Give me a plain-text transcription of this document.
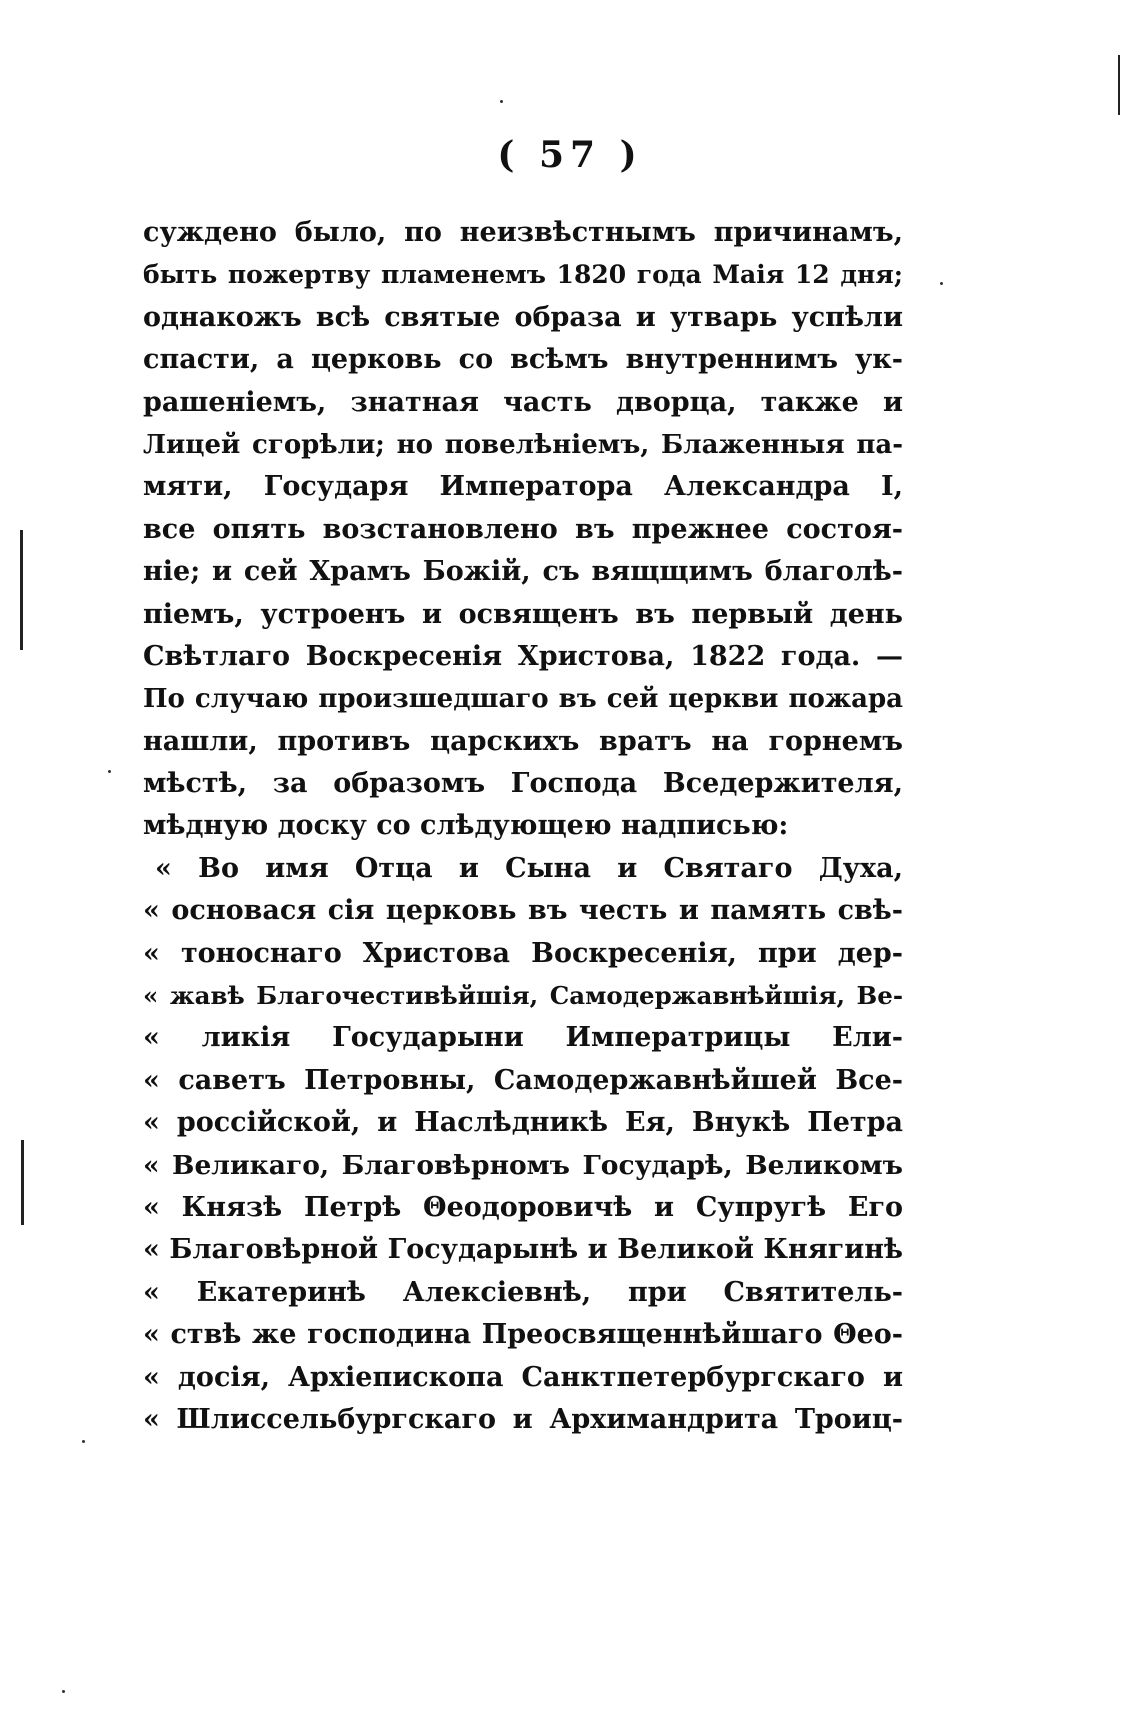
( 57 )
суждено было, по неизвѣстнымъ причинамъ,
быть пожертву пламенемъ 1820 года Маія 12 дня;
однакожъ всѣ святые образа и утварь успѣли
спасти, а церковь со всѣмъ внутреннимъ ук-
рашеніемъ, знатная часть дворца, также и
Лицей сгорѣли; но повелѣніемъ, Блаженныя па-
мяти, Государя Императора Александра I,
все опять возстановлено въ прежнее состоя-
ніе; и сей Храмъ Божій, съ вящщимъ благолѣ-
піемъ, устроенъ и освященъ въ первый день
Свѣтлаго Воскресенія Христова, 1822 года. —
По случаю произшедшаго въ сей церкви пожара
нашли, противъ царскихъ вратъ на горнемъ
мѣстѣ, за образомъ Господа Вседержителя,
мѣдную доску со слѣдующею надписью:
« Во имя Отца и Сына и Святаго Духа,
« основася сія церковь въ честь и память свѣ-
« тоноснаго Христова Воскресенія, при дер-
« жавѣ Благочестивѣйшія, Самодержавнѣйшія, Ве-
« ликія Государыни Императрицы Ели-
« саветъ Петровны, Самодержавнѣйшей Все-
« россійской, и Наслѣдникѣ Ея, Внукѣ Петра
« Великаго, Благовѣрномъ Государѣ, Великомъ
« Князѣ Петрѣ Θеодоровичѣ и Супругѣ Его
« Благовѣрной Государынѣ и Великой Княгинѣ
« Екатеринѣ Алексіевнѣ, при Святитель-
« ствѣ же господина Преосвященнѣйшаго Θео-
« досія, Архіепископа Санктпетербургскаго и
« Шлиссельбургскаго и Архимандрита Троиц-
